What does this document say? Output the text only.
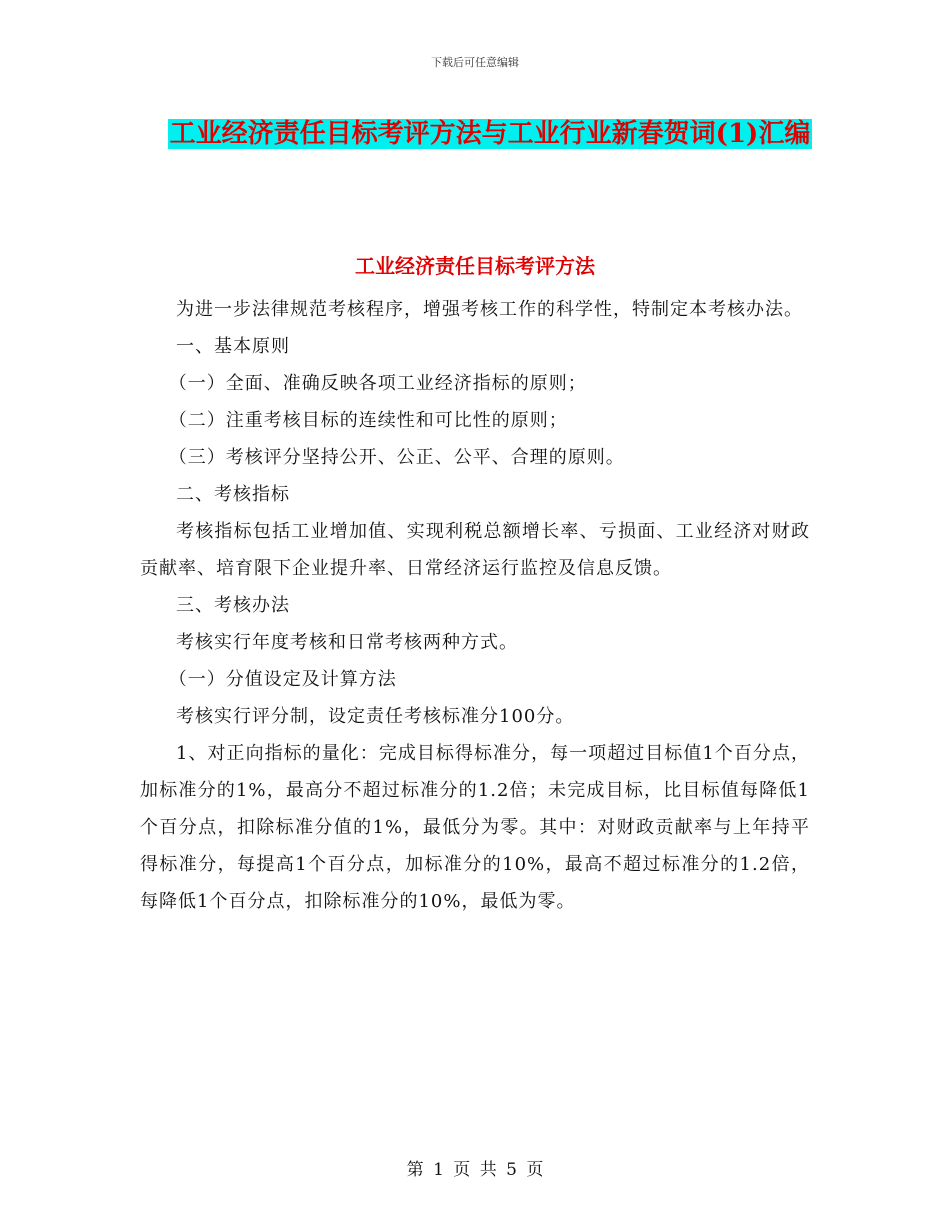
下载后可任意编辑
工业经济责任目标考评方法与工业行业新春贺词(1)汇编
工业经济责任目标考评方法

为进一步法律规范考核程序，增强考核工作的科学性，特制定本考核办法。

一、基本原则

（一）全面、准确反映各项工业经济指标的原则；

（二）注重考核目标的连续性和可比性的原则；

（三）考核评分坚持公开、公正、公平、合理的原则。

二、考核指标

考核指标包括工业增加值、实现利税总额增长率、亏损面、工业经济对财政贡献率、培育限下企业提升率、日常经济运行监控及信息反馈。

三、考核办法

考核实行年度考核和日常考核两种方式。

（一）分值设定及计算方法

考核实行评分制，设定责任考核标准分100分。

1、对正向指标的量化：完成目标得标准分，每一项超过目标值1个百分点，加标准分的1%，最高分不超过标准分的1.2倍；未完成目标，比目标值每降低1个百分点，扣除标准分值的1%，最低分为零。其中：对财政贡献率与上年持平得标准分，每提高1个百分点，加标准分的10%，最高不超过标准分的1.2倍，每降低1个百分点，扣除标准分的10%，最低为零。

第 1 页 共 5 页
